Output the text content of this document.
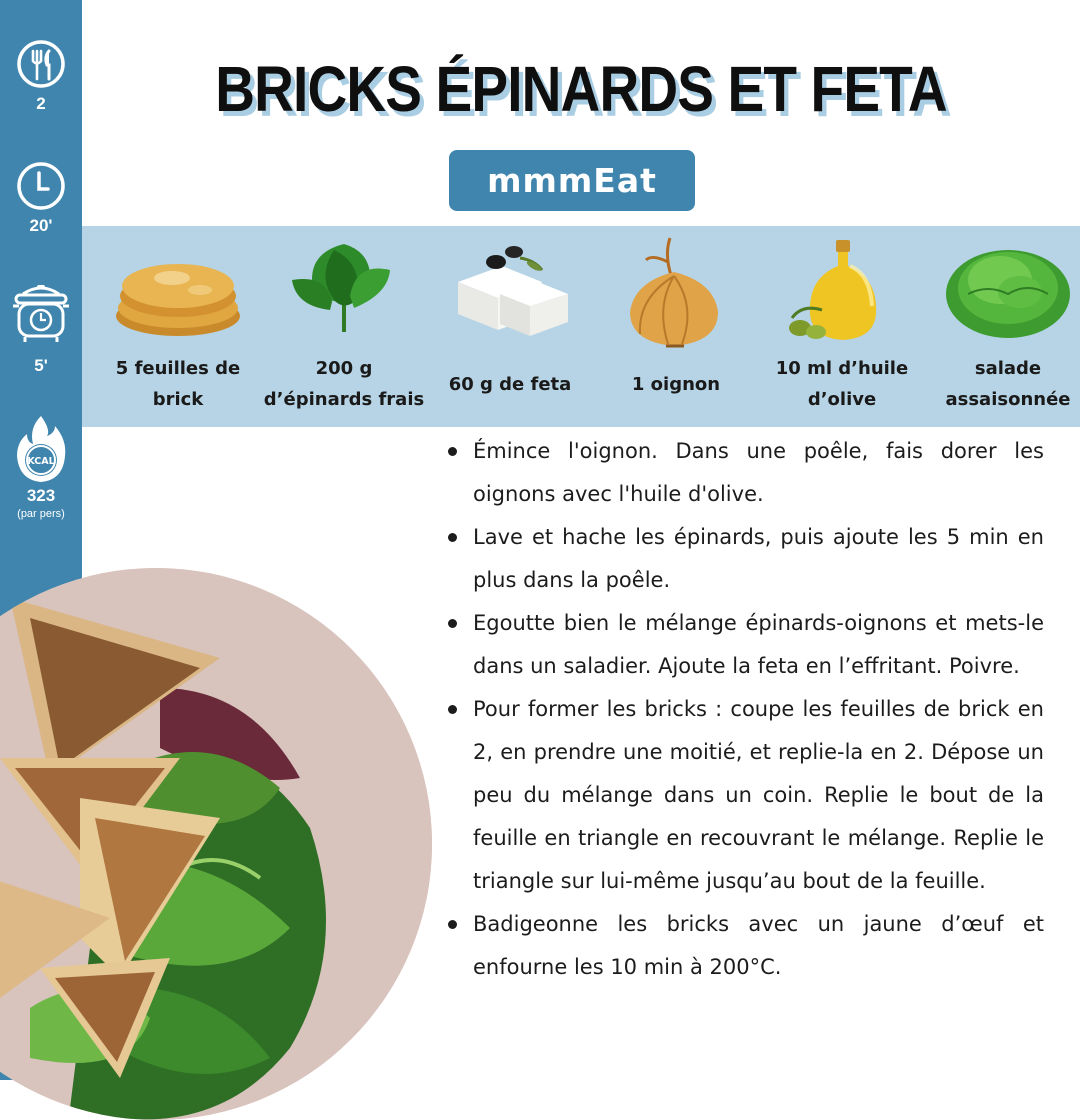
2
20'
5'
KCAL
323
(par pers)
BRICKS ÉPINARDS ET FETA
mmmEat
5 feuilles de brick
200 g d’épinards frais
60 g de feta	1 oignon
10 ml d’huile d’olive
salade assaisonnée
Émince l'oignon. Dans une poêle, fais dorer les oignons avec l'huile d'olive.
Lave et hache les épinards, puis ajoute les 5 min en plus dans la poêle.
Egoutte bien le mélange épinards-oignons et mets-le dans un saladier. Ajoute la feta en l’effritant. Poivre.
Pour former les bricks : coupe les feuilles de brick en 2, en prendre une moitié, et replie-la en 2. Dépose un peu du mélange dans un coin. Replie le bout de la feuille en triangle en recouvrant le mélange. Replie le triangle sur lui-même jusqu’au bout de la feuille.
Badigeonne les bricks avec un jaune d’œuf et enfourne les 10 min à 200°C.
